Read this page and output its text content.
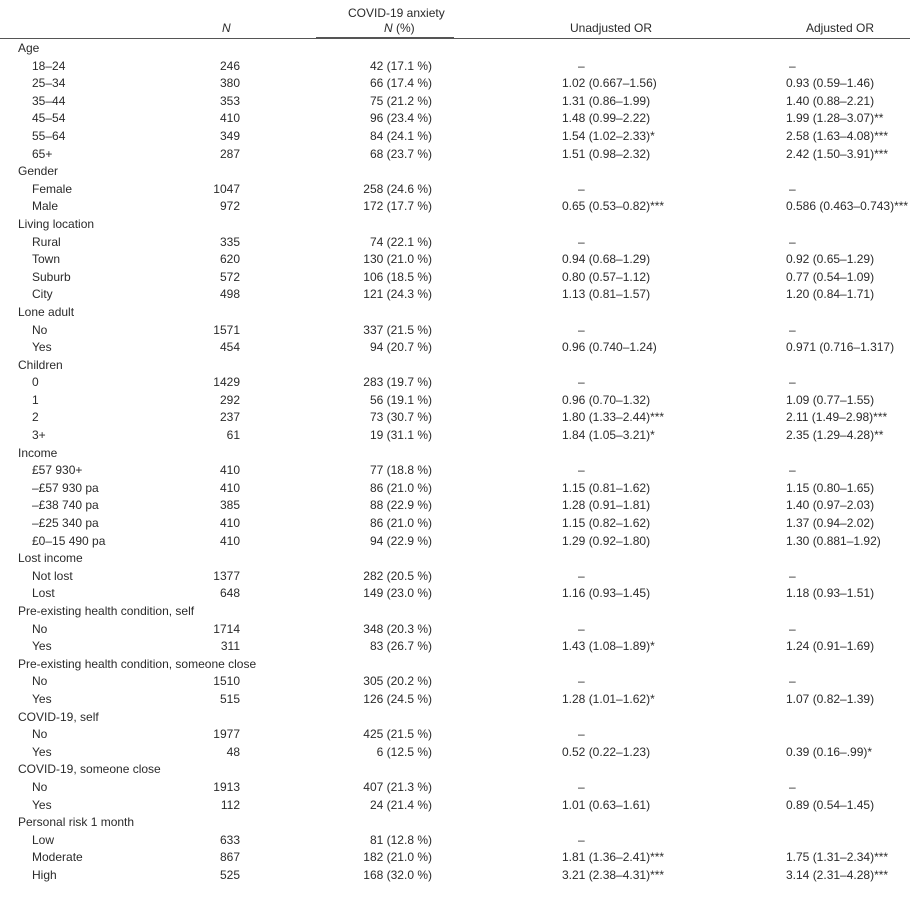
COVID-19 anxiety
N	N (%)	Unadjusted OR	Adjusted OR
Age
18–24	246	42 (17.1 %)	–	–
25–34	380	66 (17.4 %)	1.02 (0.667–1.56)	0.93 (0.59–1.46)
35–44	353	75 (21.2 %)	1.31 (0.86–1.99)	1.40 (0.88–2.21)
45–54	410	96 (23.4 %)	1.48 (0.99–2.22)	1.99 (1.28–3.07)**
55–64	349	84 (24.1 %)	1.54 (1.02–2.33)*	2.58 (1.63–4.08)***
65+	287	68 (23.7 %)	1.51 (0.98–2.32)	2.42 (1.50–3.91)***
Gender
Female	1047	258 (24.6 %)	–	–
Male	972	172 (17.7 %)	0.65 (0.53–0.82)***	0.586 (0.463–0.743)***
Living location
Rural	335	74 (22.1 %)	–	–
Town	620	130 (21.0 %)	0.94 (0.68–1.29)	0.92 (0.65–1.29)
Suburb	572	106 (18.5 %)	0.80 (0.57–1.12)	0.77 (0.54–1.09)
City	498	121 (24.3 %)	1.13 (0.81–1.57)	1.20 (0.84–1.71)
Lone adult
No	1571	337 (21.5 %)	–	–
Yes	454	94 (20.7 %)	0.96 (0.740–1.24)	0.971 (0.716–1.317)
Children
0	1429	283 (19.7 %)	–	–
1	292	56 (19.1 %)	0.96 (0.70–1.32)	1.09 (0.77–1.55)
2	237	73 (30.7 %)	1.80 (1.33–2.44)***	2.11 (1.49–2.98)***
3+	61	19 (31.1 %)	1.84 (1.05–3.21)*	2.35 (1.29–4.28)**
Income
£57 930+	410	77 (18.8 %)	–	–
–£57 930 pa	410	86 (21.0 %)	1.15 (0.81–1.62)	1.15 (0.80–1.65)
–£38 740 pa	385	88 (22.9 %)	1.28 (0.91–1.81)	1.40 (0.97–2.03)
–£25 340 pa	410	86 (21.0 %)	1.15 (0.82–1.62)	1.37 (0.94–2.02)
£0–15 490 pa	410	94 (22.9 %)	1.29 (0.92–1.80)	1.30 (0.881–1.92)
Lost income
Not lost	1377	282 (20.5 %)	–	–
Lost	648	149 (23.0 %)	1.16 (0.93–1.45)	1.18 (0.93–1.51)
Pre-existing health condition, self
No	1714	348 (20.3 %)	–	–
Yes	311	83 (26.7 %)	1.43 (1.08–1.89)*	1.24 (0.91–1.69)
Pre-existing health condition, someone close
No	1510	305 (20.2 %)	–	–
Yes	515	126 (24.5 %)	1.28 (1.01–1.62)*	1.07 (0.82–1.39)
COVID-19, self
No	1977	425 (21.5 %)	–
Yes	48	6 (12.5 %)	0.52 (0.22–1.23)	0.39 (0.16–.99)*
COVID-19, someone close
No	1913	407 (21.3 %)	–	–
Yes	112	24 (21.4 %)	1.01 (0.63–1.61)	0.89 (0.54–1.45)
Personal risk 1 month
Low	633	81 (12.8 %)	–
Moderate	867	182 (21.0 %)	1.81 (1.36–2.41)***	1.75 (1.31–2.34)***
High	525	168 (32.0 %)	3.21 (2.38–4.31)***	3.14 (2.31–4.28)***
